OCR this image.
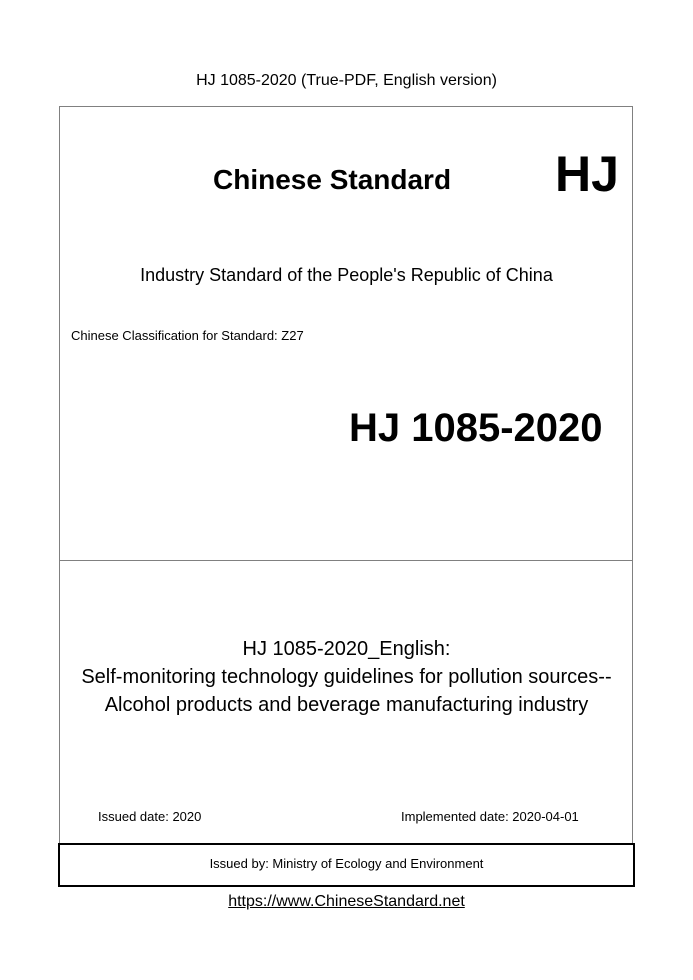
HJ 1085-2020 (True-PDF, English version)
Chinese Standard HJ
Industry Standard of the People's Republic of China
Chinese Classification for Standard: Z27
HJ 1085-2020
HJ 1085-2020_English:
Self-monitoring technology guidelines for pollution sources--
Alcohol products and beverage manufacturing industry
Issued date: 2020	Implemented date: 2020-04-01
Issued by: Ministry of Ecology and Environment
https://www.ChineseStandard.net
